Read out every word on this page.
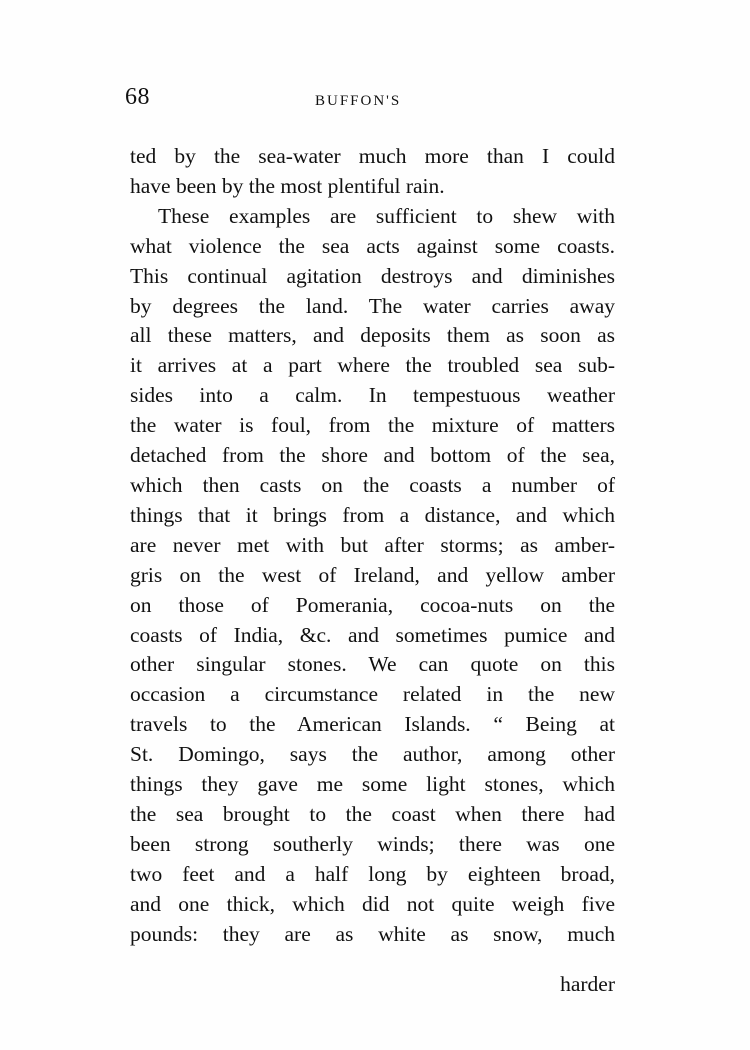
68	BUFFON'S
ted by the sea-water much more than I could
have been by the most plentiful rain.
These examples are sufficient to shew with
what violence the sea acts against some coasts.
This continual agitation destroys and diminishes
by degrees the land. The water carries away
all these matters, and deposits them as soon as
it arrives at a part where the troubled sea sub-
sides into a calm. In tempestuous weather
the water is foul, from the mixture of matters
detached from the shore and bottom of the sea,
which then casts on the coasts a number of
things that it brings from a distance, and which
are never met with but after storms; as amber-
gris on the west of Ireland, and yellow amber
on those of Pomerania, cocoa-nuts on the
coasts of India, &c. and sometimes pumice and
other singular stones. We can quote on this
occasion a circumstance related in the new
travels to the American Islands. “ Being at
St. Domingo, says the author, among other
things they gave me some light stones, which
the sea brought to the coast when there had
been strong southerly winds; there was one
two feet and a half long by eighteen broad,
and one thick, which did not quite weigh five
pounds: they are as white as snow, much
harder
